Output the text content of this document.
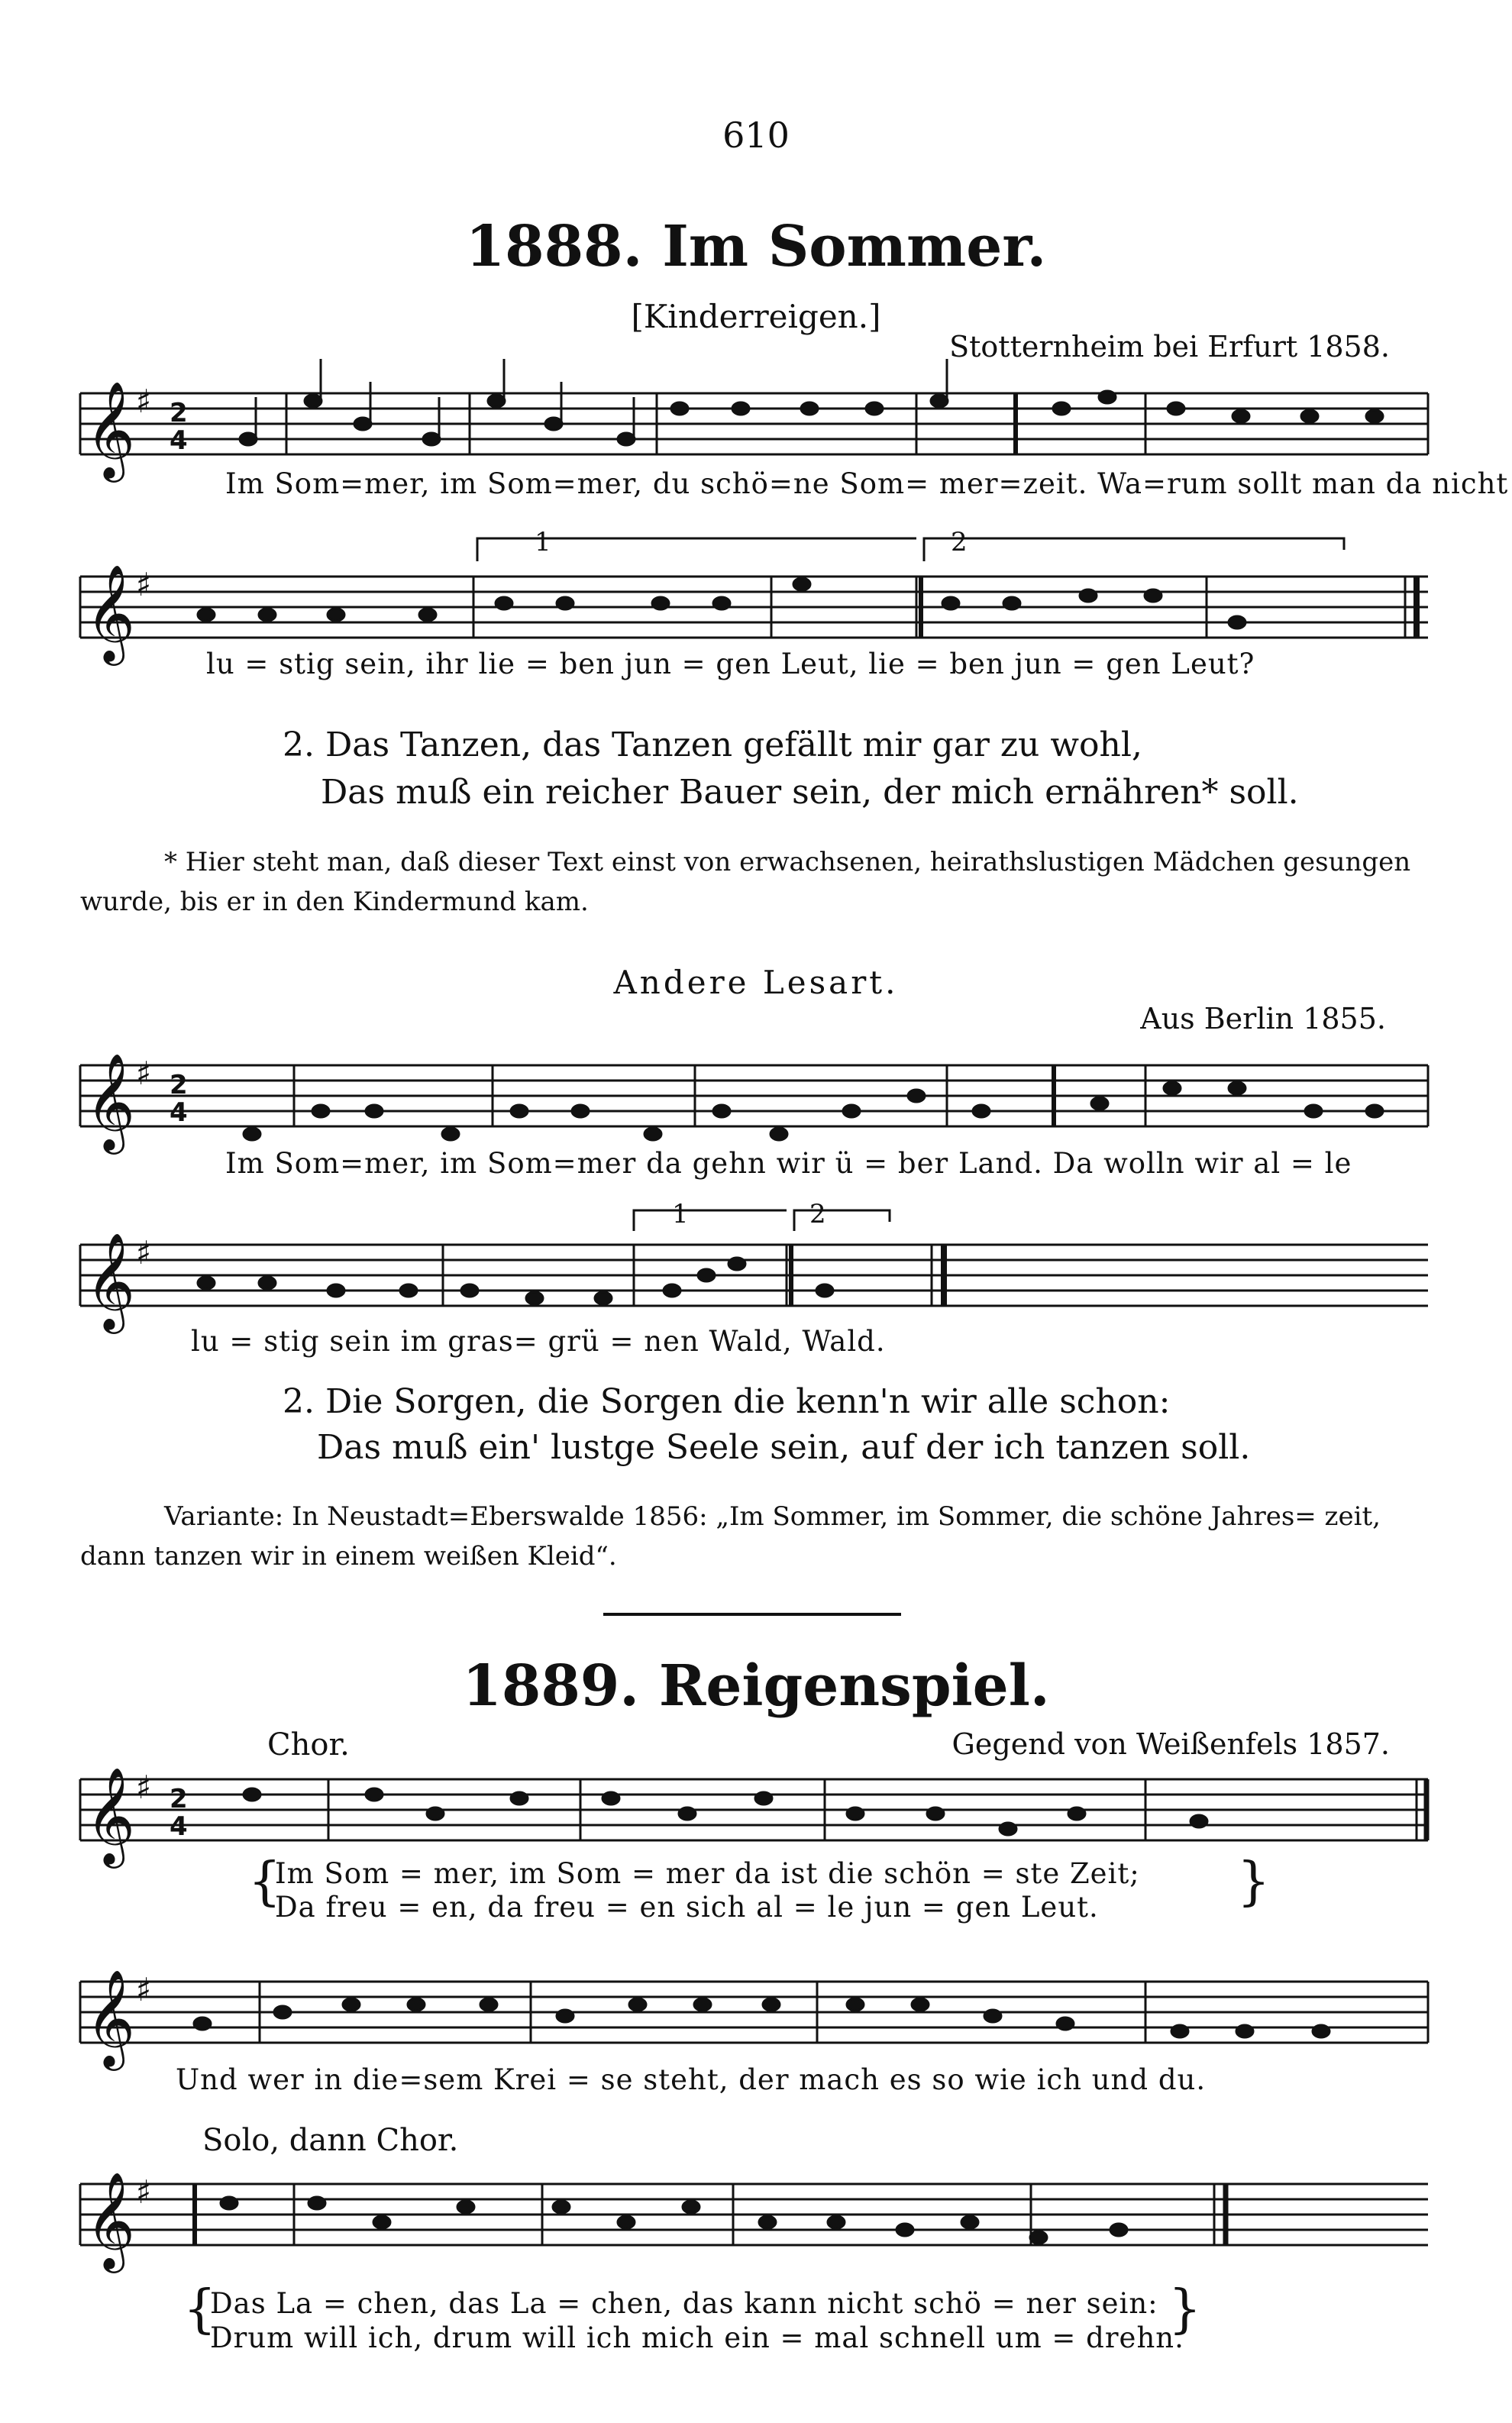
610
1888. Im Sommer.
[Kinderreigen.]
Stotternheim bei Erfurt 1858.
𝄞 ♯ 2
4
𝄞 ♯
𝄞 ♯ 2
4
𝄞 ♯
𝄞 ♯ 2
4
𝄞 ♯
𝄞 ♯
1	2
1	2
Im Som=mer, im Som=mer, du schö=ne Som= mer=zeit. Wa=rum sollt man da nicht
lu = stig sein, ihr lie = ben jun = gen Leut, lie = ben jun = gen Leut?
2. Das Tanzen, das Tanzen gefällt mir gar zu wohl,
Das muß ein reicher Bauer sein, der mich ernähren* soll.
* Hier steht man, daß dieser Text einst von erwachsenen, heirathslustigen Mädchen gesungen wurde, bis er in den Kindermund kam.
Andere Lesart.
Aus Berlin 1855.
Im Som=mer, im Som=mer da gehn wir ü = ber Land. Da wolln wir al = le
lu = stig sein im gras= grü = nen Wald, Wald.
2. Die Sorgen, die Sorgen die kenn'n wir alle schon:
Das muß ein' lustge Seele sein, auf der ich tanzen soll.
Variante: In Neustadt=Eberswalde 1856: „Im Sommer, im Sommer, die schöne Jahres= zeit, dann tanzen wir in einem weißen Kleid“.
1889. Reigenspiel.
Chor.	Gegend von Weißenfels 1857.
{
Im Som = mer, im Som = mer da ist die schön = ste Zeit;
Da freu = en, da freu = en sich al = le jun = gen Leut.	}
Und wer in die=sem Krei = se steht, der mach es so wie ich und du.
Solo, dann Chor.
{
Das La = chen, das La = chen, das kann nicht schö = ner sein:
Drum will ich, drum will ich mich ein = mal schnell um = drehn.
}
